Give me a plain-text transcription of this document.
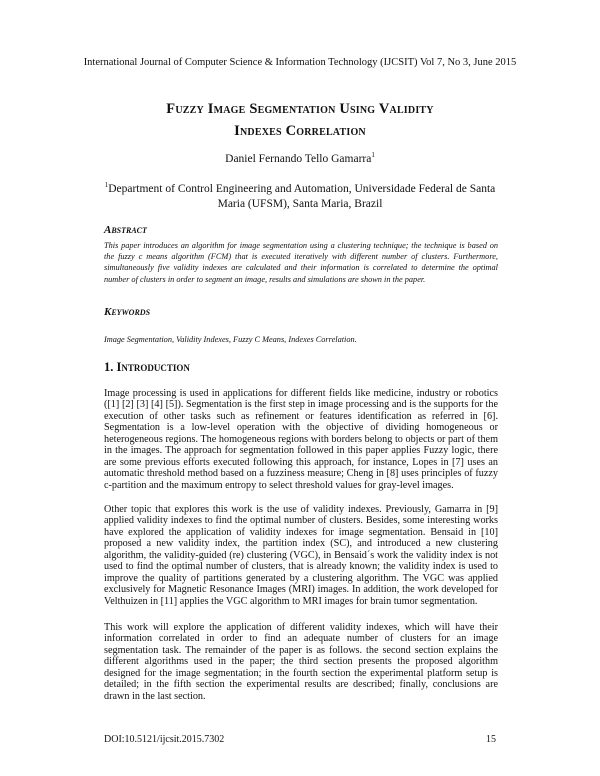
International Journal of Computer Science & Information Technology (IJCSIT) Vol 7, No 3, June 2015
Fuzzy Image Segmentation Using Validity
Indexes Correlation
Daniel Fernando Tello Gamarra$^1$
$^1$Department of Control Engineering and Automation, Universidade Federal de Santa Maria (UFSM), Santa Maria, Brazil
Abstract
This paper introduces an algorithm for image segmentation using a clustering technique; the technique is based on the fuzzy c means algorithm (FCM) that is executed iteratively with different number of clusters. Furthermore, simultaneously five validity indexes are calculated and their information is correlated to determine the optimal number of clusters in order to segment an image, results and simulations are shown in the paper.
Keywords
Image Segmentation, Validity Indexes, Fuzzy C Means, Indexes Correlation.
1. Introduction
Image processing is used in applications for different fields like medicine, industry or robotics ([1] [2] [3] [4] [5]). Segmentation is the first step in image processing and is the supports for the execution of other tasks such as refinement or features identification as referred in [6]. Segmentation is a low-level operation with the objective of dividing homogeneous or heterogeneous regions. The homogeneous regions with borders belong to objects or part of them in the images. The approach for segmentation followed in this paper applies Fuzzy logic, there are some previous efforts executed following this approach, for instance, Lopes in [7] uses an automatic threshold method based on a fuzziness measure; Cheng in [8] uses principles of fuzzy c-partition and the maximum entropy to select threshold values for gray-level images.
Other topic that explores this work is the use of validity indexes. Previously, Gamarra in [9] applied validity indexes to find the optimal number of clusters. Besides, some interesting works have explored the application of validity indexes for image segmentation. Bensaid in [10] proposed a new validity index, the partition index (SC), and introduced a new clustering algorithm, the validity-guided (re) clustering (VGC), in Bensaid´s work the validity index is not used to find the optimal number of clusters, that is already known; the validity index is used to improve the quality of partitions generated by a clustering algorithm. The VGC was applied exclusively for Magnetic Resonance Images (MRI) images. In addition, the work developed for Velthuizen in [11] applies the VGC algorithm to MRI images for brain tumor segmentation.
This work will explore the application of different validity indexes, which will have their information correlated in order to find an adequate number of clusters for an image segmentation task. The remainder of the paper is as follows. the second section explains the different algorithms used in the paper; the third section presents the proposed algorithm designed for the image segmentation; in the fourth section the experimental platform setup is detailed; in the fifth section the experimental results are described; finally, conclusions are drawn in the last section.
DOI:10.5121/ijcsit.2015.7302	15
